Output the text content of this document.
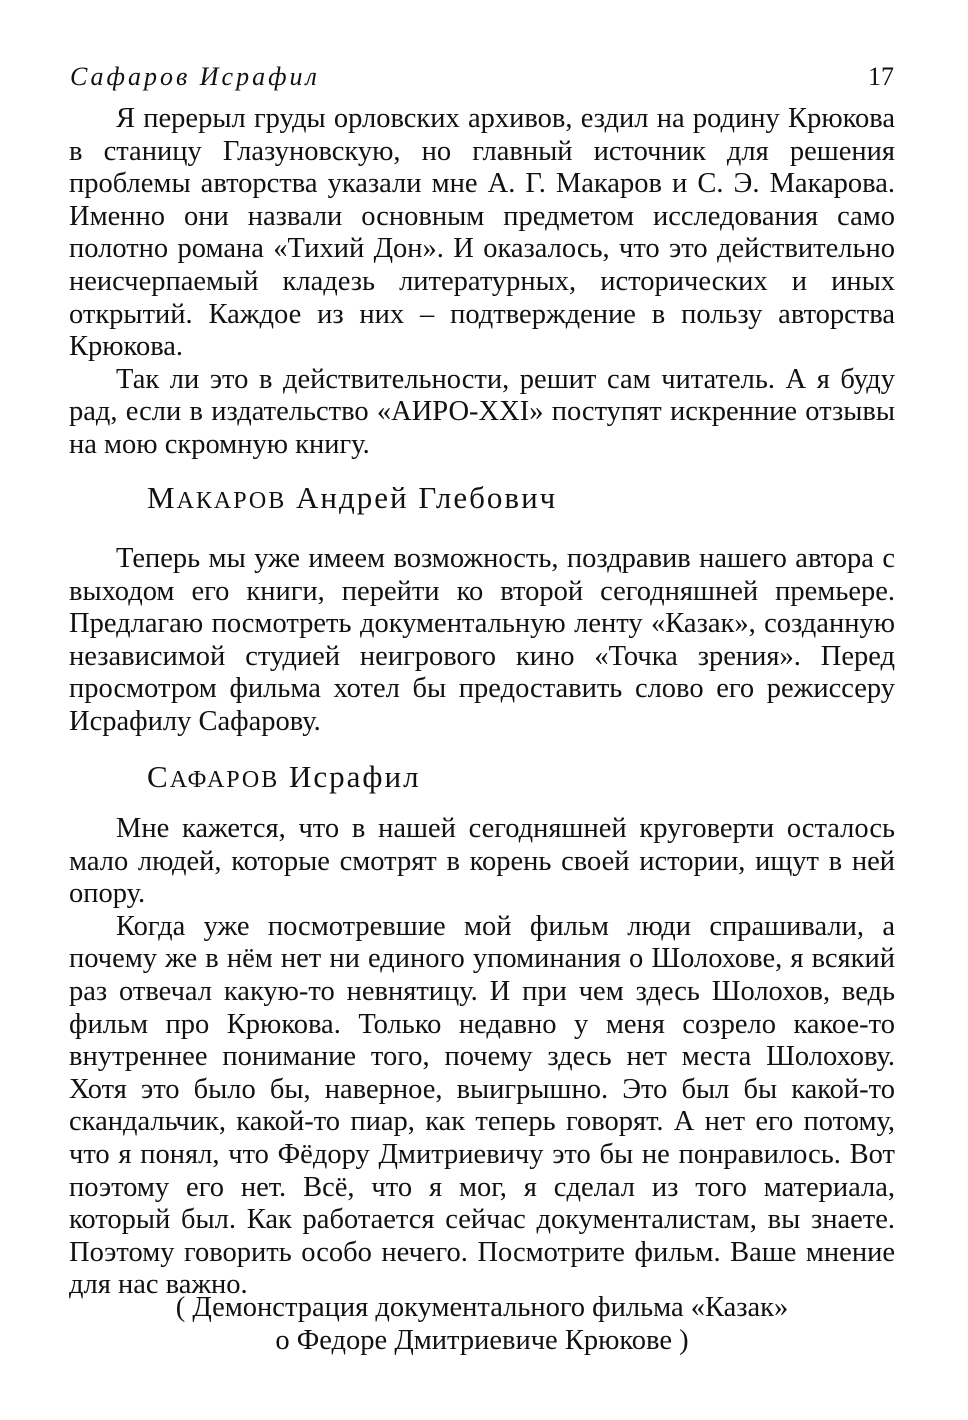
Сафаров Исрафил	17

Я перерыл груды орловских архивов, ездил на родину Крюкова в станицу Глазуновскую, но главный источник для решения проблемы авторства указали мне А. Г. Макаров и С. Э. Макарова. Именно они назвали основным предметом исследования само полотно романа «Тихий Дон». И оказалось, что это действительно неисчерпаемый кладезь литературных, исторических и иных открытий. Каждое из них – подтверждение в пользу авторства Крюкова.

Так ли это в действительности, решит сам читатель. А я буду рад, если в издательство «АИРО-XXI» поступят искренние отзывы на мою скромную книгу.

МАКАРОВ Андрей Глебович

Теперь мы уже имеем возможность, поздравив нашего автора с выходом его книги, перейти ко второй сегодняшней премьере. Предлагаю посмотреть документальную ленту «Казак», созданную независимой студией неигрового кино «Точка зрения». Перед просмотром фильма хотел бы предоставить слово его режиссеру Исрафилу Сафарову.

САФАРОВ Исрафил

Мне кажется, что в нашей сегодняшней круговерти осталось мало людей, которые смотрят в корень своей истории, ищут в ней опору.

Когда уже посмотревшие мой фильм люди спрашивали, а почему же в нём нет ни единого упоминания о Шолохове, я всякий раз отвечал какую-то невнятицу. И при чем здесь Шолохов, ведь фильм про Крюкова. Только недавно у меня созрело какое-то внутреннее понимание того, почему здесь нет места Шолохову. Хотя это было бы, наверное, выигрышно. Это был бы какой-то скандальчик, какой-то пиар, как теперь говорят. А нет его потому, что я понял, что Фёдору Дмитриевичу это бы не понравилось. Вот поэтому его нет. Всё, что я мог, я сделал из того материала, который был. Как работается сейчас документалистам, вы знаете. Поэтому говорить особо нечего. Посмотрите фильм. Ваше мнение для нас важно.

( Демонстрация документального фильма «Казак»
о Федоре Дмитриевиче Крюкове )
